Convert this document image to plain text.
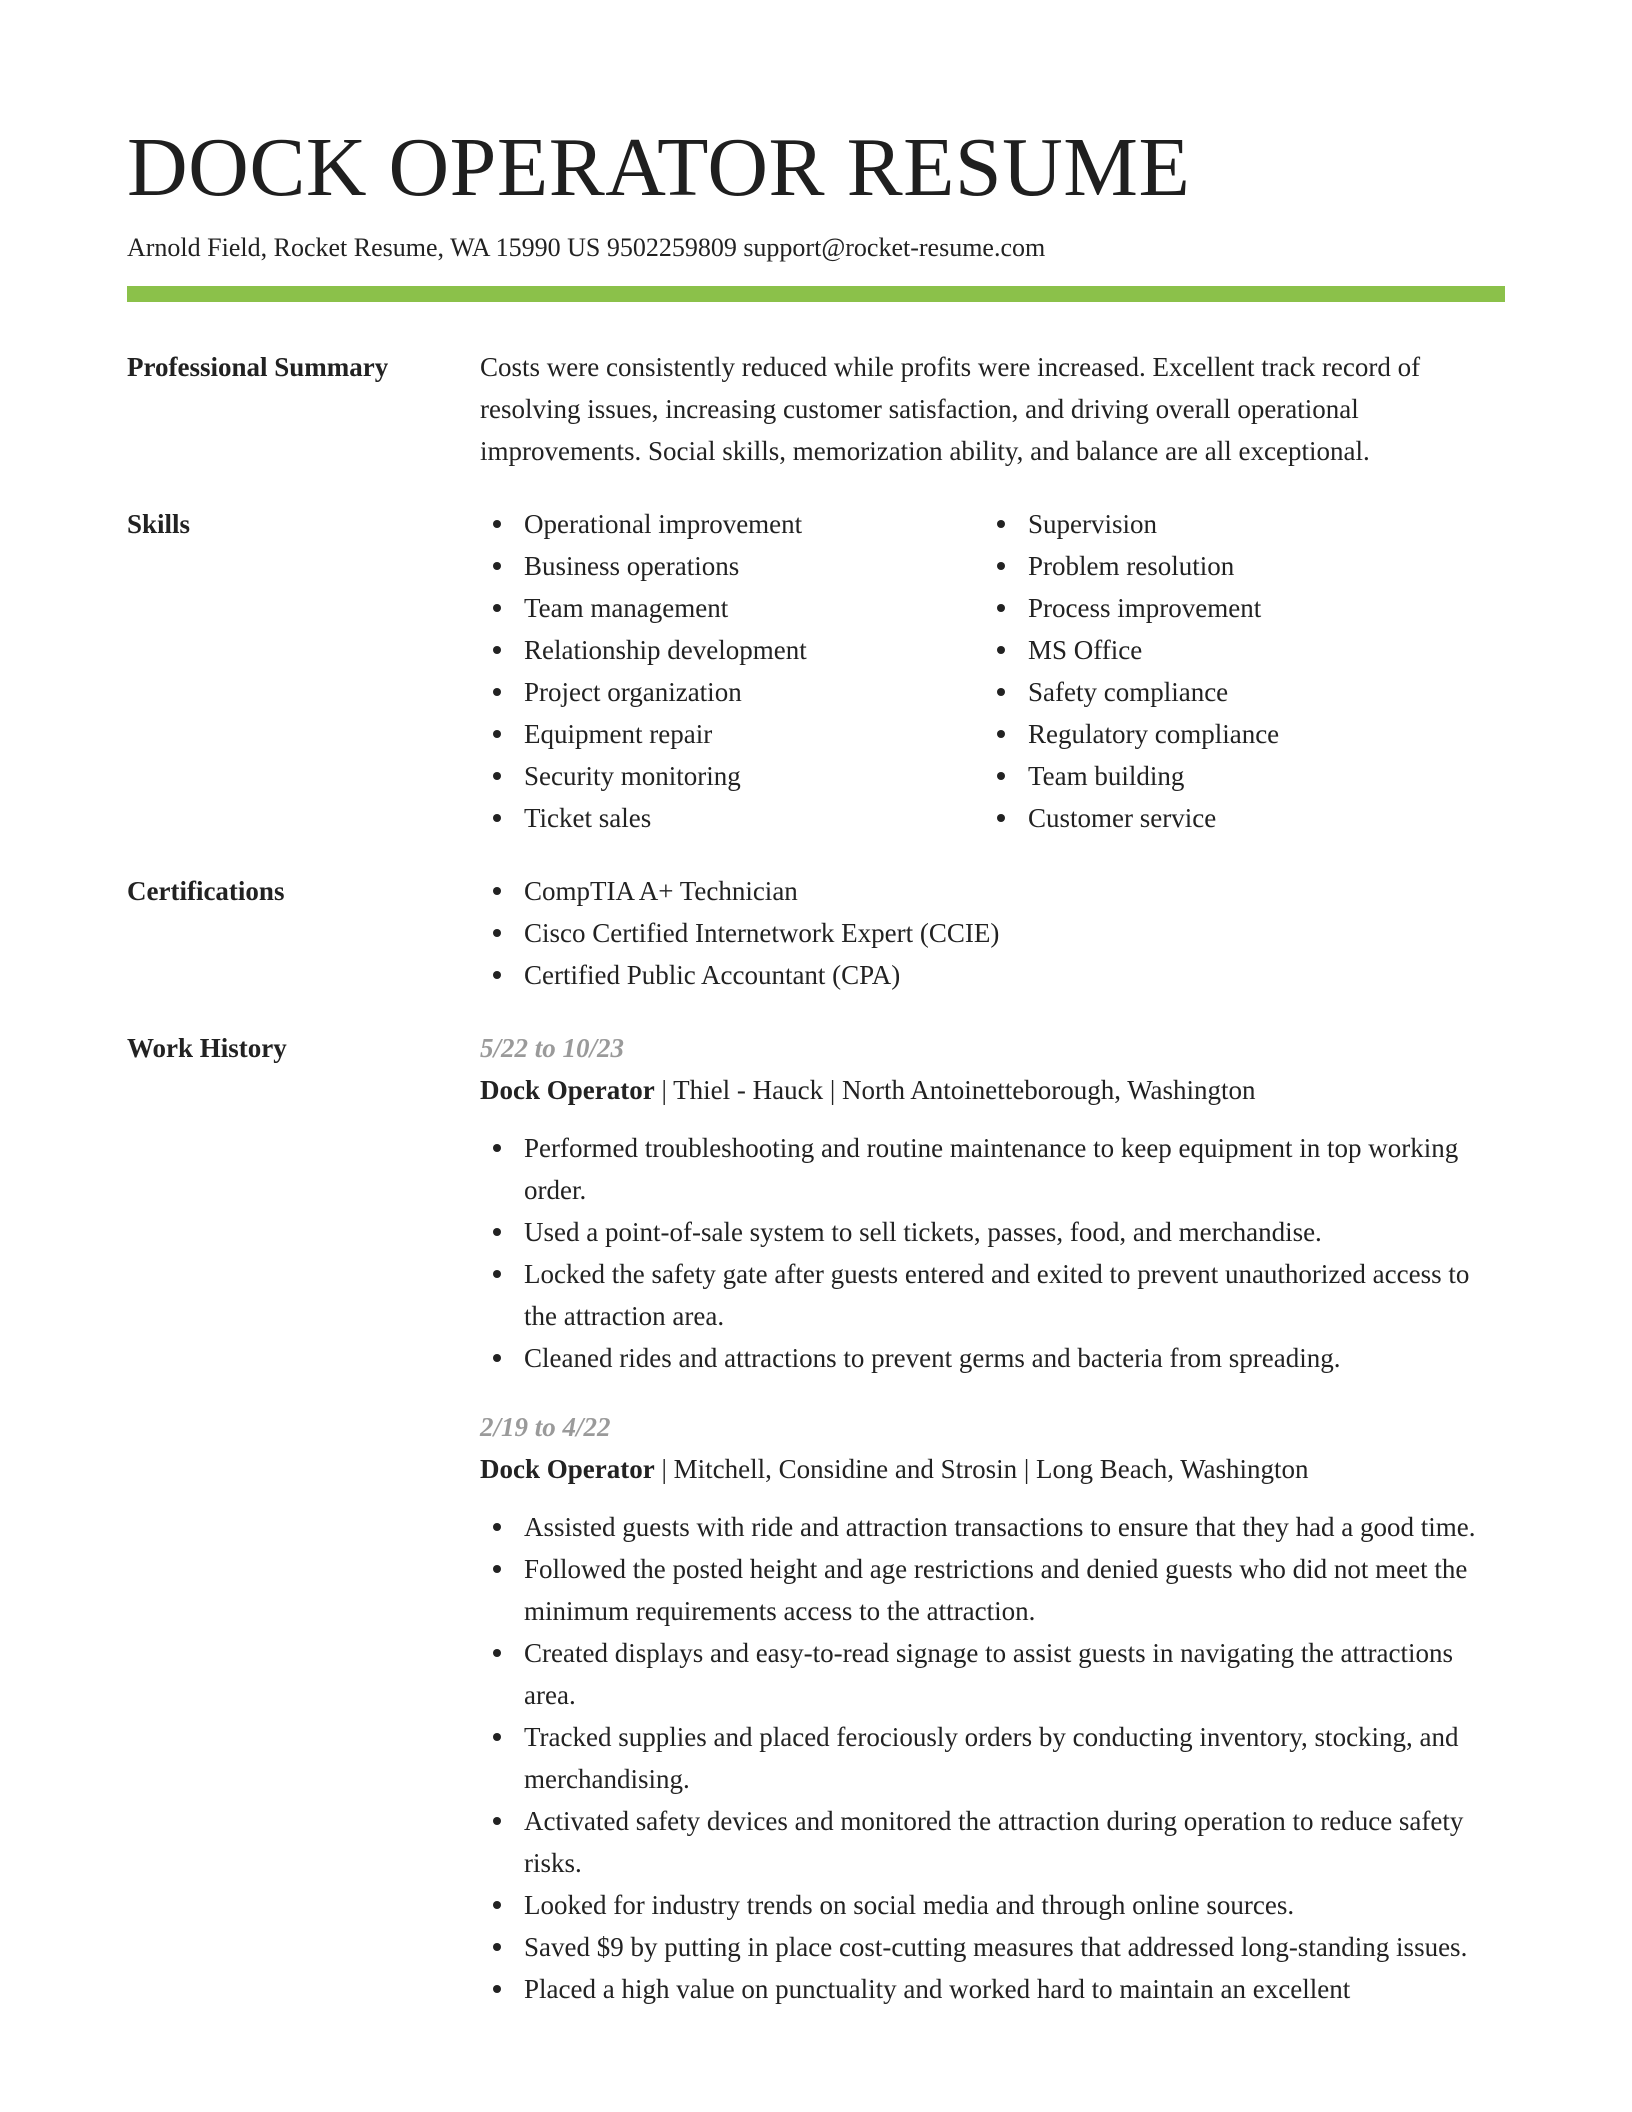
DOCK OPERATOR RESUME
Arnold Field, Rocket Resume, WA 15990 US 9502259809 support@rocket-resume.com
Professional Summary	Costs were consistently reduced while profits were increased. Excellent track record of resolving issues, increasing customer satisfaction, and driving overall operational improvements. Social skills, memorization ability, and balance are all exceptional.

Skills	Operational improvement
Business operations
Team management
Relationship development
Project organization
Equipment repair
Security monitoring
Ticket sales
Supervision
Problem resolution
Process improvement
MS Office
Safety compliance
Regulatory compliance
Team building
Customer service
Certifications	CompTIA A+ Technician
Cisco Certified Internetwork Expert (CCIE)
Certified Public Accountant (CPA)
Work History	5/22 to 10/23
Dock Operator | Thiel - Hauck | North Antoinetteborough, Washington
Performed troubleshooting and routine maintenance to keep equipment in top working order.
Used a point-of-sale system to sell tickets, passes, food, and merchandise.
Locked the safety gate after guests entered and exited to prevent unauthorized access to the attraction area.
Cleaned rides and attractions to prevent germs and bacteria from spreading.
2/19 to 4/22
Dock Operator | Mitchell, Considine and Strosin | Long Beach, Washington
Assisted guests with ride and attraction transactions to ensure that they had a good time.
Followed the posted height and age restrictions and denied guests who did not meet the minimum requirements access to the attraction.
Created displays and easy-to-read signage to assist guests in navigating the attractions area.
Tracked supplies and placed ferociously orders by conducting inventory, stocking, and merchandising.
Activated safety devices and monitored the attraction during operation to reduce safety risks.
Looked for industry trends on social media and through online sources.
Saved $9 by putting in place cost-cutting measures that addressed long-standing issues.
Placed a high value on punctuality and worked hard to maintain an excellent
